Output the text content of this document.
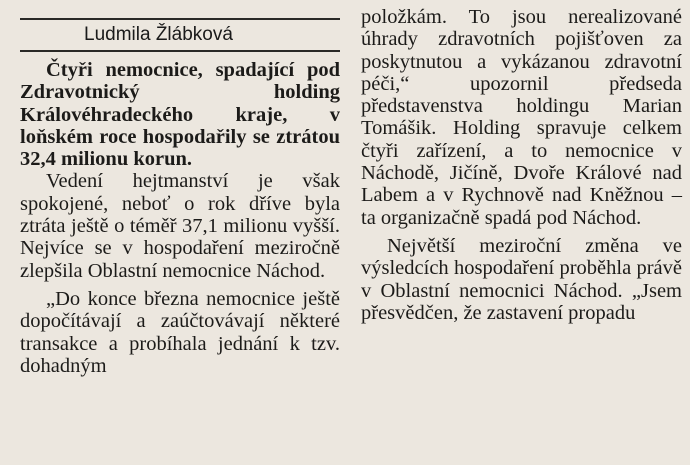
Ludmila Žlábková

Čtyři nemocnice, spadající pod Zdravotnický holding Královéhradeckého kraje, v loňském roce hospodařily se ztrátou 32,4 milionu korun.

Vedení hejtmanství je však spokojené, neboť o rok dříve byla ztráta ještě o téměř 37,1 milionu vyšší. Nejvíce se v hospodaření meziročně zlepšila Oblastní nemocnice Náchod.

„Do konce března nemocnice ještě dopočítávají a zaúčtovávají některé transakce a probíhala jednání k tzv. dohadným

položkám. To jsou nerealizované úhrady zdravotních pojišťoven za poskytnutou a vykázanou zdravotní péči,“ upozornil předseda představenstva holdingu Marian Tomášik. Holding spravuje celkem čtyři zařízení, a to nemocnice v Náchodě, Jičíně, Dvoře Králové nad Labem a v Rychnově nad Kněžnou – ta organizačně spadá pod Náchod.

Největší meziroční změna ve výsledcích hospodaření proběhla právě v Oblastní nemocnici Náchod. „Jsem přesvědčen, že zastavení propadu
